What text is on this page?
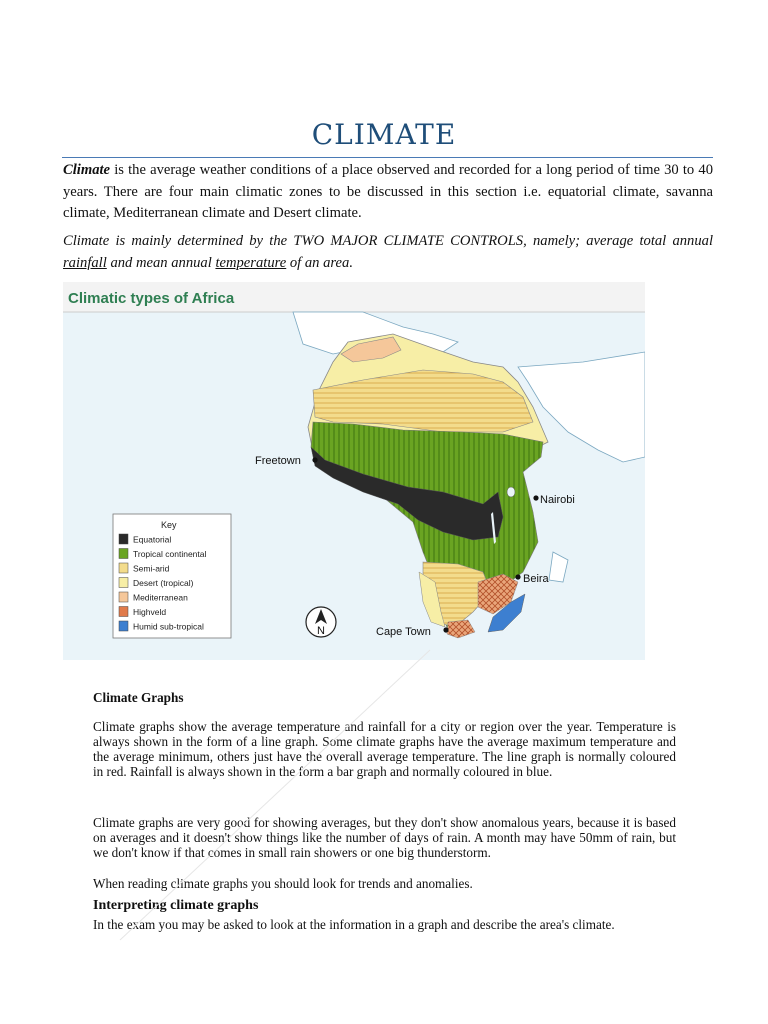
CLIMATE

Climate is the average weather conditions of a place observed and recorded for a long period of time 30 to 40 years. There are four main climatic zones to be discussed in this section i.e. equatorial climate, savanna climate, Mediterranean climate and Desert climate.

Climate is mainly determined by the TWO MAJOR CLIMATE CONTROLS, namely; average total annual rainfall and mean annual temperature of an area.

Climatic types of Africa
Freetown
Nairobi
Beira
Cape Town
N
Key
Equatorial
Tropical continental
Semi-arid
Desert (tropical)
Mediterranean
Highveld
Humid sub-tropical
Climate Graphs

Climate graphs show the average temperature and rainfall for a city or region over the year. Temperature is always shown in the form of a line graph. Some climate graphs have the average maximum temperature and the average minimum, others just have the overall average temperature. The line graph is normally coloured in red. Rainfall is always shown in the form a bar graph and normally coloured in blue.

Climate graphs are very good for showing averages, but they don't show anomalous years, because it is based on averages and it doesn't show things like the number of days of rain. A month may have 50mm of rain, but we don't know if that comes in small rain showers or one big thunderstorm.

When reading climate graphs you should look for trends and anomalies.

Interpreting climate graphs

In the exam you may be asked to look at the information in a graph and describe the area's climate.
